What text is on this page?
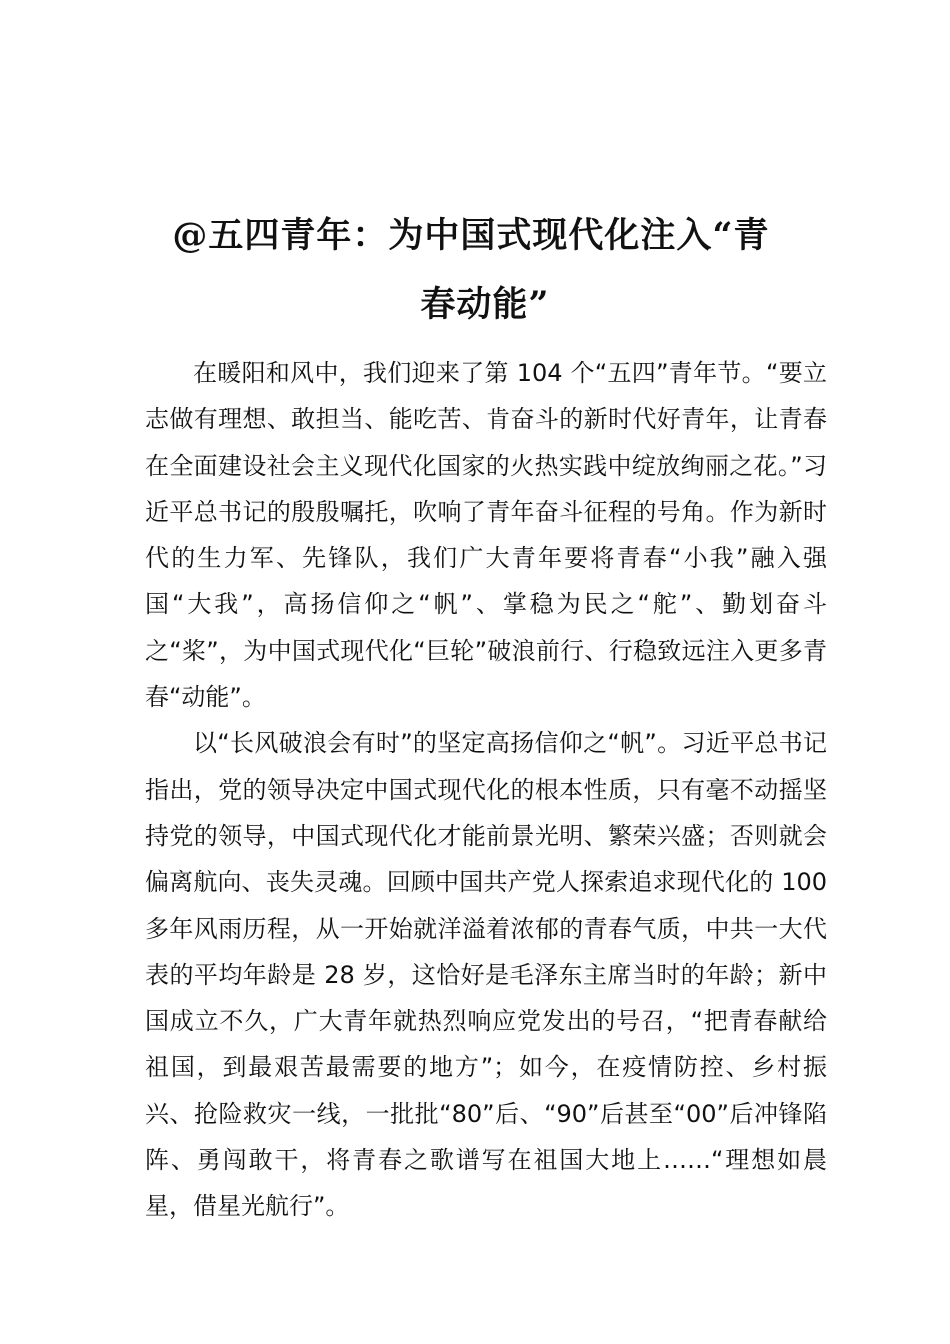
@五四青年：为中国式现代化注入“青
春动能”

在暖阳和风中，我们迎来了第 104 个“五四”青年节。“要立志做有理想、敢担当、能吃苦、肯奋斗的新时代好青年，让青春在全面建设社会主义现代化国家的火热实践中绽放绚丽之花。”习近平总书记的殷殷嘱托，吹响了青年奋斗征程的号角。作为新时代的生力军、先锋队，我们广大青年要将青春“小我”融入强国“大我”，高扬信仰之“帆”、掌稳为民之“舵”、勤划奋斗之“桨”，为中国式现代化“巨轮”破浪前行、行稳致远注入更多青春“动能”。

以“长风破浪会有时”的坚定高扬信仰之“帆”。习近平总书记指出，党的领导决定中国式现代化的根本性质，只有毫不动摇坚持党的领导，中国式现代化才能前景光明、繁荣兴盛；否则就会偏离航向、丧失灵魂。回顾中国共产党人探索追求现代化的 100 多年风雨历程，从一开始就洋溢着浓郁的青春气质，中共一大代表的平均年龄是 28 岁，这恰好是毛泽东主席当时的年龄；新中国成立不久，广大青年就热烈响应党发出的号召，“把青春献给祖国，到最艰苦最需要的地方”；如今，在疫情防控、乡村振兴、抢险救灾一线，一批批“80”后、“90”后甚至“00”后冲锋陷阵、勇闯敢干，将青春之歌谱写在祖国大地上……“理想如晨星，借星光航行”。
